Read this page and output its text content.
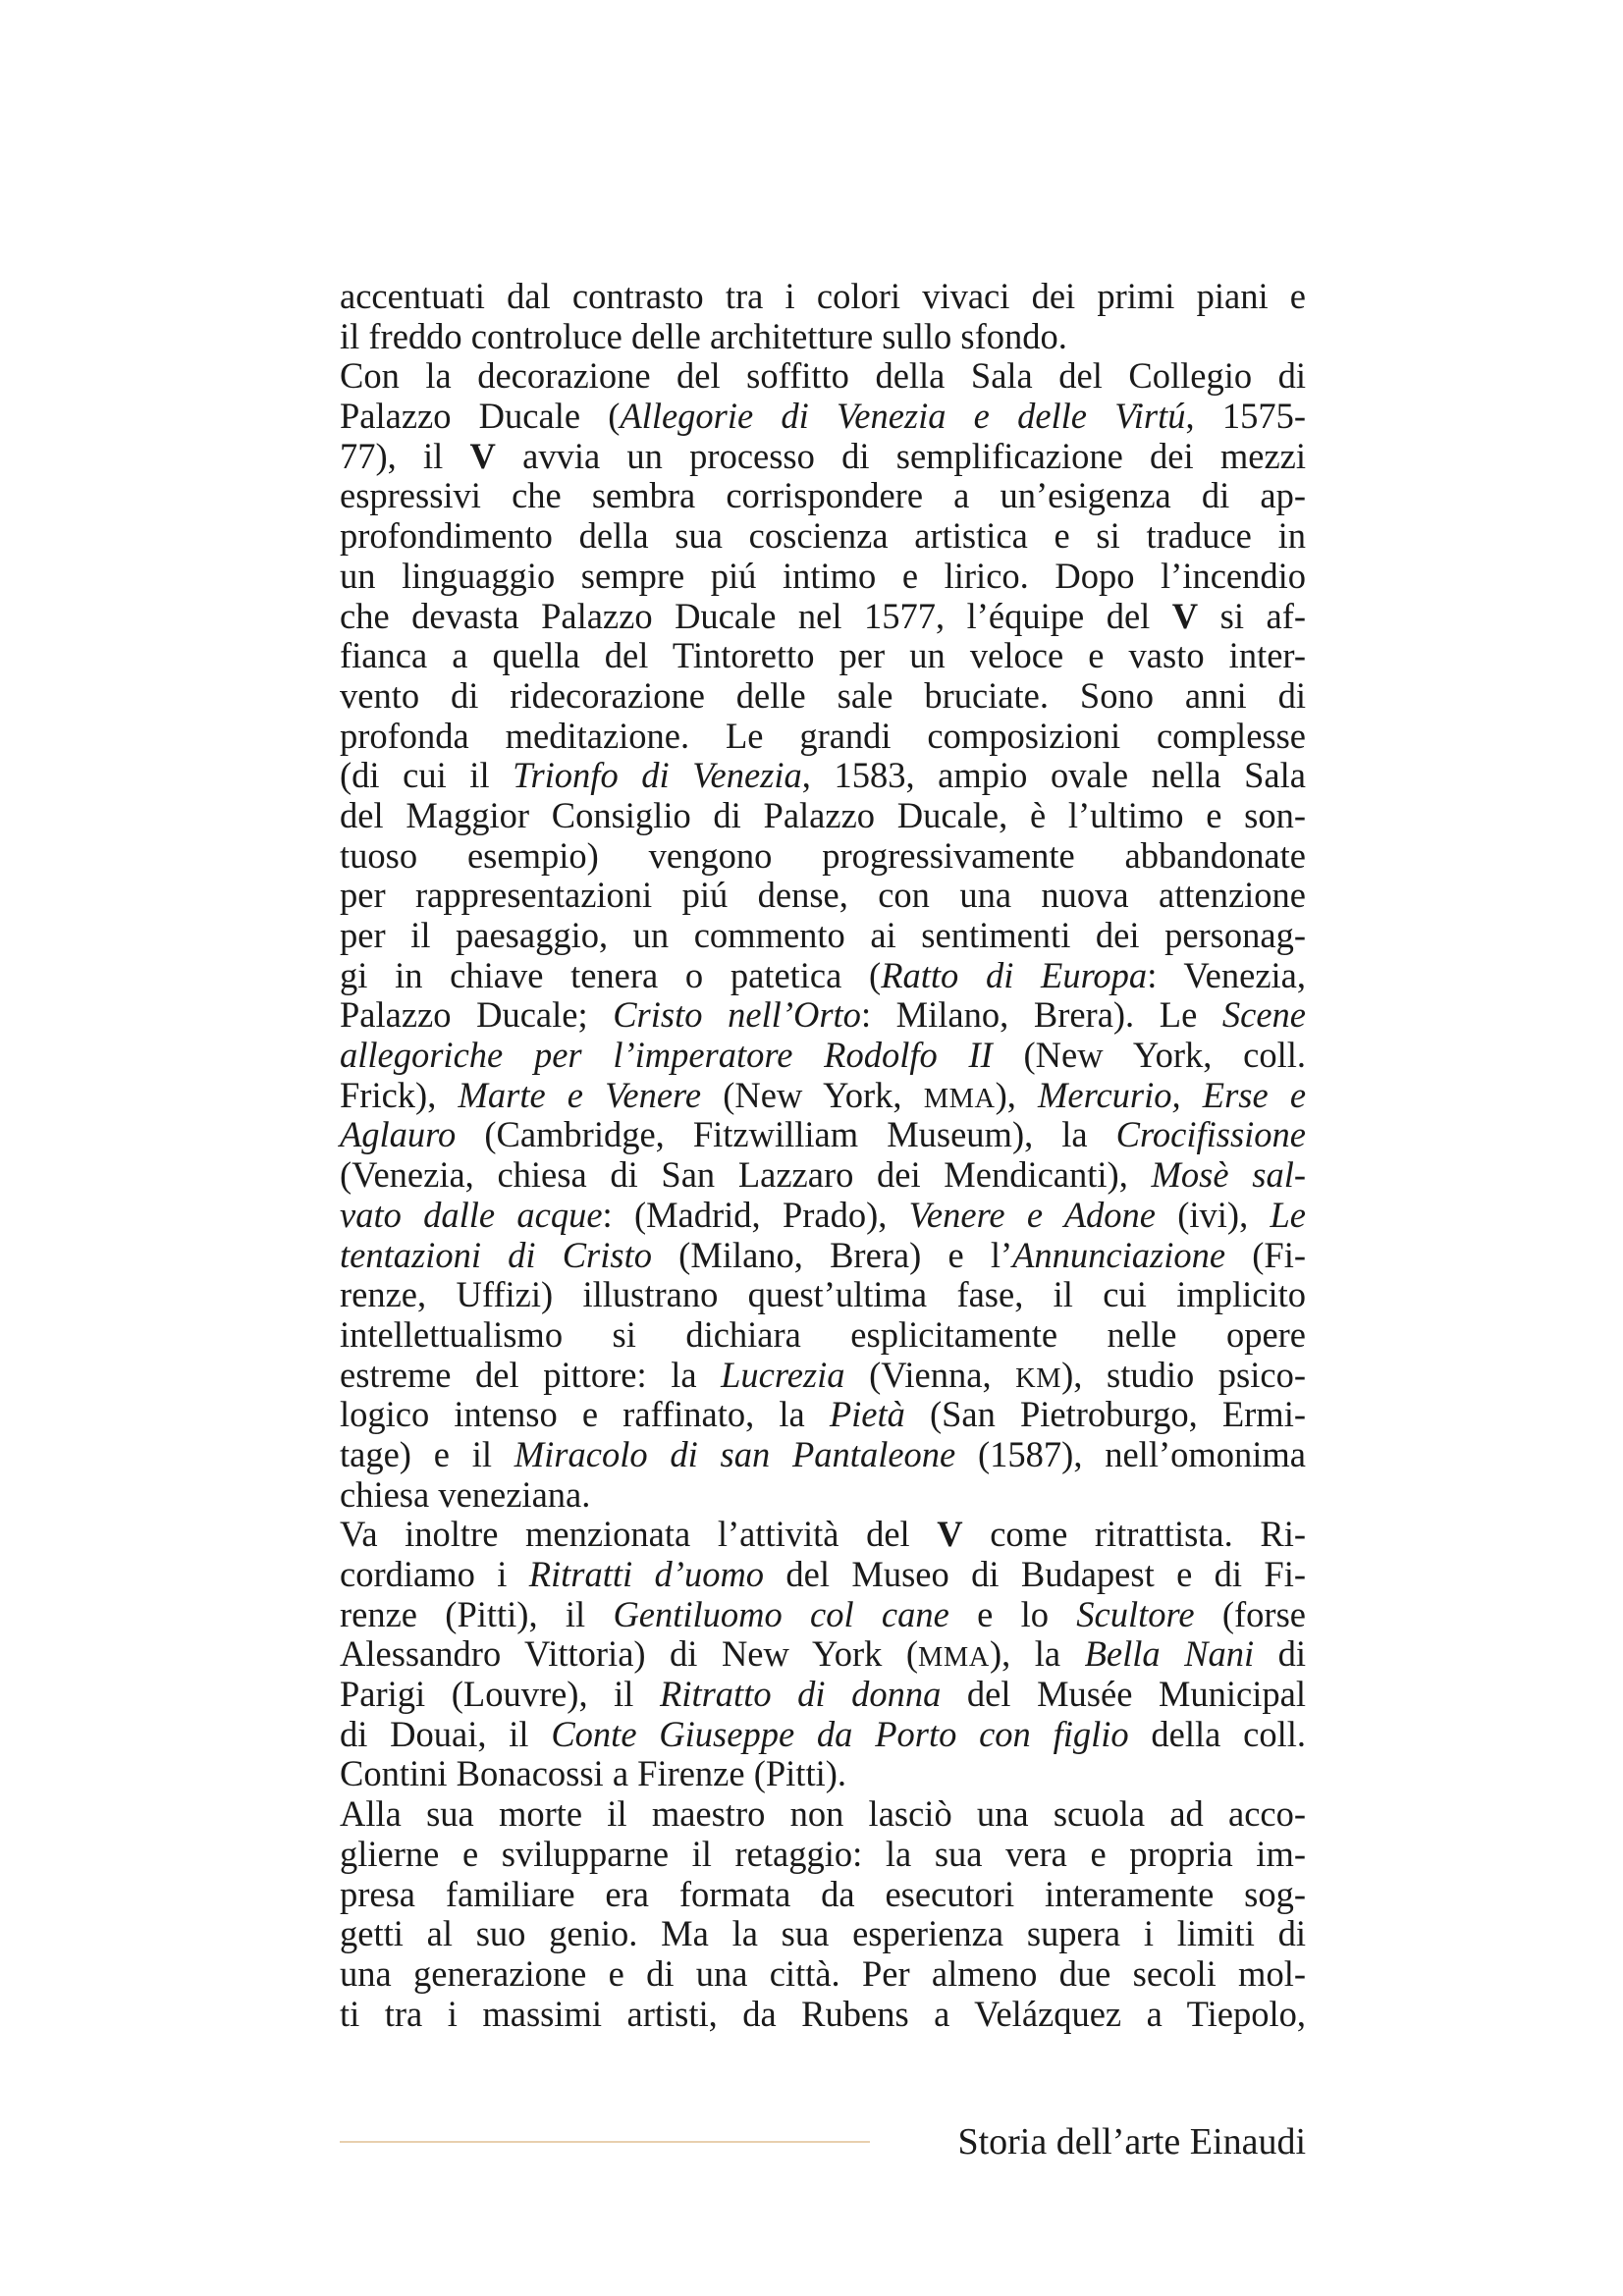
accentuati dal contrasto tra i colori vivaci dei primi piani e
il freddo controluce delle architetture sullo sfondo.
Con la decorazione del soffitto della Sala del Collegio di
Palazzo Ducale (Allegorie di Venezia e delle Virtú, 1575-
77), il V avvia un processo di semplificazione dei mezzi
espressivi che sembra corrispondere a un’esigenza di ap-
profondimento della sua coscienza artistica e si traduce in
un linguaggio sempre piú intimo e lirico. Dopo l’incendio
che devasta Palazzo Ducale nel 1577, l’équipe del V si af-
fianca a quella del Tintoretto per un veloce e vasto inter-
vento di ridecorazione delle sale bruciate. Sono anni di
profonda meditazione. Le grandi composizioni complesse
(di cui il Trionfo di Venezia, 1583, ampio ovale nella Sala
del Maggior Consiglio di Palazzo Ducale, è l’ultimo e son-
tuoso esempio) vengono progressivamente abbandonate
per rappresentazioni piú dense, con una nuova attenzione
per il paesaggio, un commento ai sentimenti dei personag-
gi in chiave tenera o patetica (Ratto di Europa: Venezia,
Palazzo Ducale; Cristo nell’Orto: Milano, Brera). Le Scene
allegoriche per l’imperatore Rodolfo II (New York, coll.
Frick), Marte e Venere (New York, MMA), Mercurio, Erse e
Aglauro (Cambridge, Fitzwilliam Museum), la Crocifissione
(Venezia, chiesa di San Lazzaro dei Mendicanti), Mosè sal-
vato dalle acque: (Madrid, Prado), Venere e Adone (ivi), Le
tentazioni di Cristo (Milano, Brera) e l’Annunciazione (Fi-
renze, Uffizi) illustrano quest’ultima fase, il cui implicito
intellettualismo si dichiara esplicitamente nelle opere
estreme del pittore: la Lucrezia (Vienna, KM), studio psico-
logico intenso e raffinato, la Pietà (San Pietroburgo, Ermi-
tage) e il Miracolo di san Pantaleone (1587), nell’omonima
chiesa veneziana.
Va inoltre menzionata l’attività del V come ritrattista. Ri-
cordiamo i Ritratti d’uomo del Museo di Budapest e di Fi-
renze (Pitti), il Gentiluomo col cane e lo Scultore (forse
Alessandro Vittoria) di New York (MMA), la Bella Nani di
Parigi (Louvre), il Ritratto di donna del Musée Municipal
di Douai, il Conte Giuseppe da Porto con figlio della coll.
Contini Bonacossi a Firenze (Pitti).
Alla sua morte il maestro non lasciò una scuola ad acco-
glierne e svilupparne il retaggio: la sua vera e propria im-
presa familiare era formata da esecutori interamente sog-
getti al suo genio. Ma la sua esperienza supera i limiti di
una generazione e di una città. Per almeno due secoli mol-
ti tra i massimi artisti, da Rubens a Velázquez a Tiepolo,
Storia dell’arte Einaudi
